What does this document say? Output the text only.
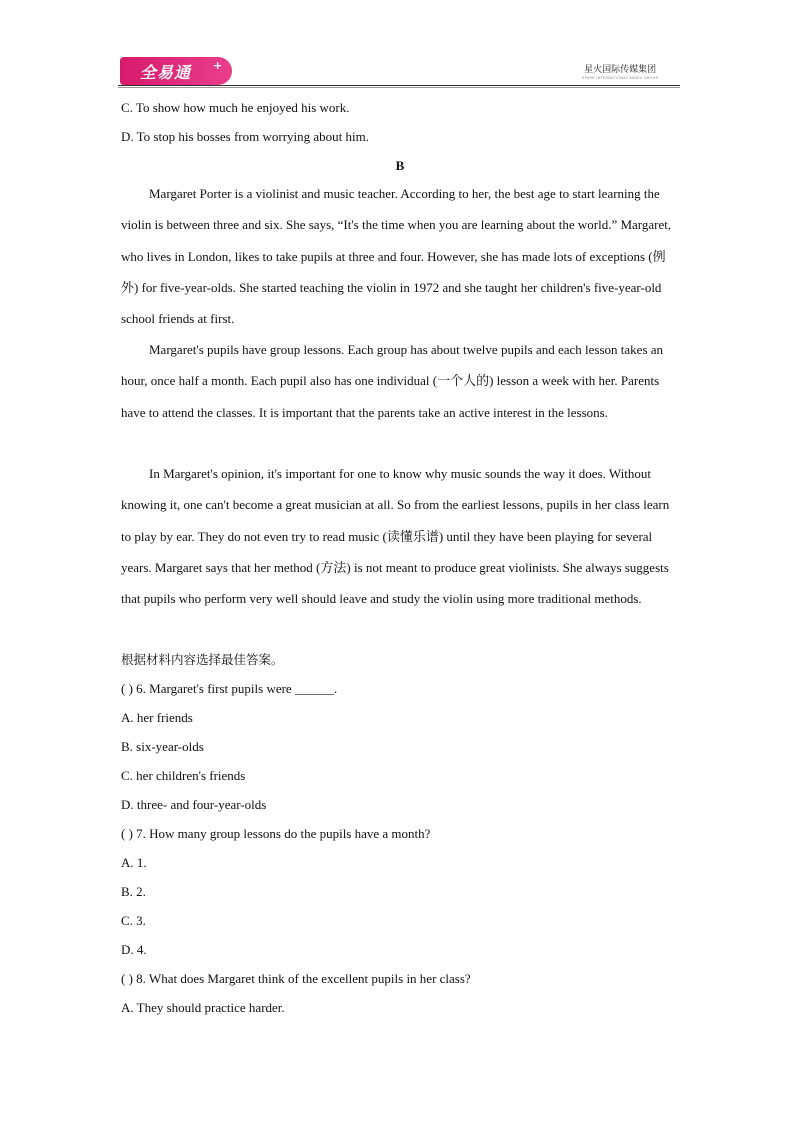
全易通 +	星火国际传媒集团
SPARK INTERNATIONAL MEDIA GROUP
C. To show how much he enjoyed his work.
D. To stop his bosses from worrying about him.
B

Margaret Porter is a violinist and music teacher. According to her, the best age to start learning the violin is between three and six. She says, “It's the time when you are learning about the world.” Margaret, who lives in London, likes to take pupils at three and four. However, she has made lots of exceptions (例外) for five-year-olds. She started teaching the violin in 1972 and she taught her children's five-year-old school friends at first.

Margaret's pupils have group lessons. Each group has about twelve pupils and each lesson takes an hour, once half a month. Each pupil also has one individual (一个人的) lesson a week with her. Parents have to attend the classes. It is important that the parents take an active interest in the lessons.

In Margaret's opinion, it's important for one to know why music sounds the way it does. Without knowing it, one can't become a great musician at all. So from the earliest lessons, pupils in her class learn to play by ear. They do not even try to read music (读懂乐谱) until they have been playing for several years. Margaret says that her method (方法) is not meant to produce great violinists. She always suggests that pupils who perform very well should leave and study the violin using more traditional methods.

根据材料内容选择最佳答案。
( ) 6. Margaret's first pupils were ______.
A. her friends
B. six-year-olds
C. her children's friends
D. three- and four-year-olds
( ) 7. How many group lessons do the pupils have a month?
A. 1.
B. 2.
C. 3.
D. 4.
( ) 8. What does Margaret think of the excellent pupils in her class?
A. They should practice harder.
